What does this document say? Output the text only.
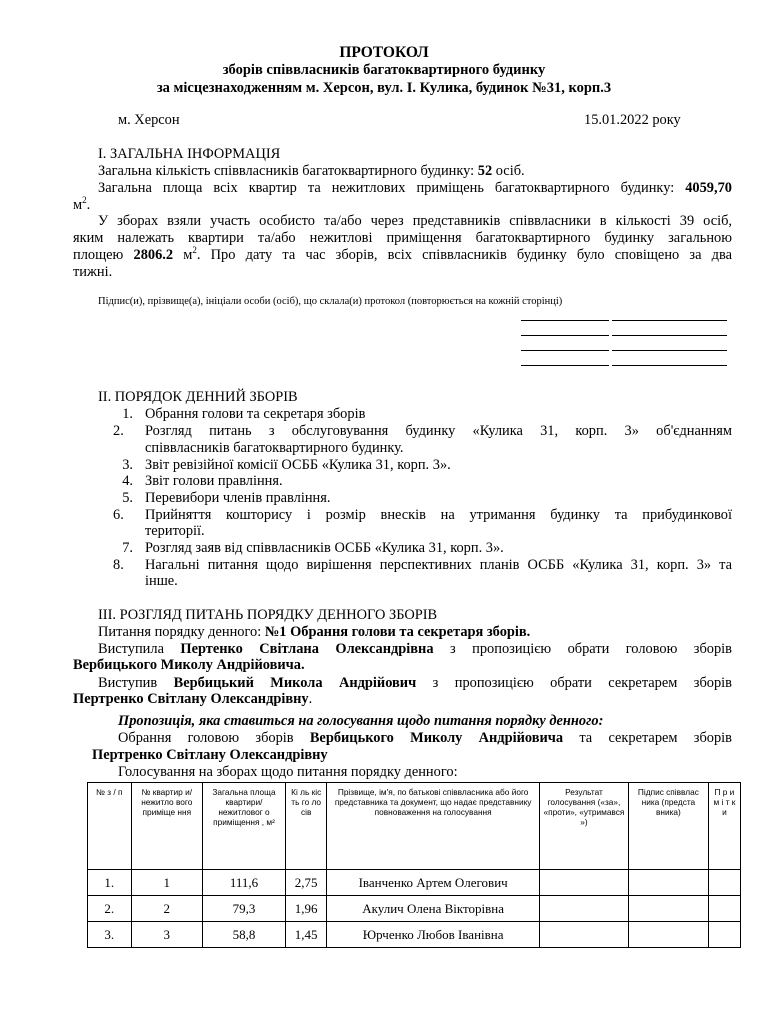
ПРОТОКОЛ
зборів співвласників багатоквартирного будинку
за місцезнаходженням м. Херсон, вул. І. Кулика, будинок №31, корп.3
м. Херсон	15.01.2022 року
І. ЗАГАЛЬНА ІНФОРМАЦІЯ
Загальна кількість співвласників багатоквартирного будинку: 52 осіб.
Загальна площа всіх квартир та нежитлових приміщень багатоквартирного будинку: 4059,70
$м^2$.
У зборах взяли участь особисто та/або через представників співвласники в кількості 39 осіб,
яким належать квартири та/або нежитлові приміщення багатоквартирного будинку загальною
площею 2806.2 $м^2$. Про дату та час зборів, всіх співвласників будинку було сповіщено за два
тижні.
Підпис(и), прізвище(а), ініціали особи (осіб), що склала(и) протокол (повторюється на кожній сторінці)
ІІ. ПОРЯДОК ДЕННИЙ ЗБОРІВ
1. Обрання голови та секретаря зборів
2.	Розгляд питань з обслуговування будинку «Кулика 31, корп. 3» об'єднанням
співвласників багатоквартирного будинку.
3. Звіт ревізійної комісії ОСББ «Кулика 31, корп. 3».
4. Звіт голови правління.
5. Перевибори членів правління.
6.	Прийняття кошторису і розмір внесків на утримання будинку та прибудинкової
території.
7. Розгляд заяв від співвласників ОСББ «Кулика 31, корп. 3».
8.	Нагальні питання щодо вирішення перспективних планів ОСББ «Кулика 31, корп. 3» та
інше.
ІІІ. РОЗГЛЯД ПИТАНЬ ПОРЯДКУ ДЕННОГО ЗБОРІВ
Питання порядку денного: №1 Обрання голови та секретаря зборів.
Виступила Пертенко Світлана Олександрівна з пропозицією обрати головою зборів
Вербицького Миколу Андрійовича.
Виступив Вербицький Микола Андрійович з пропозицією обрати секретарем зборів
Пертренко Світлану Олександрівну.
Пропозиція, яка ставиться на голосування щодо питання порядку денного:
Обрання головою зборів Вербицького Миколу Андрійовича та секретарем зборів
Пертренко Світлану Олександрівну
Голосування на зборах щодо питання порядку денного:
№ з / п	№ квартир и/ нежитло вого приміще ння	Загальна площа квартири/ нежитловог о приміщення , м²	Кі ль кіс ть го ло сів	Прізвище, ім'я, по батькові співвласника або його представника та документ, що надає представнику повноваження на голосування	Результат голосування («за», «проти», «утримався »)	Підпис співвлас ника (предста вника)	П р и м і т к и
1.	1	111,6	2,75	Іванченко Артем Олегович			
2.	2	79,3	1,96	Акулич Олена Вікторівна			
3.	3	58,8	1,45	Юрченко Любов Іванівна			
